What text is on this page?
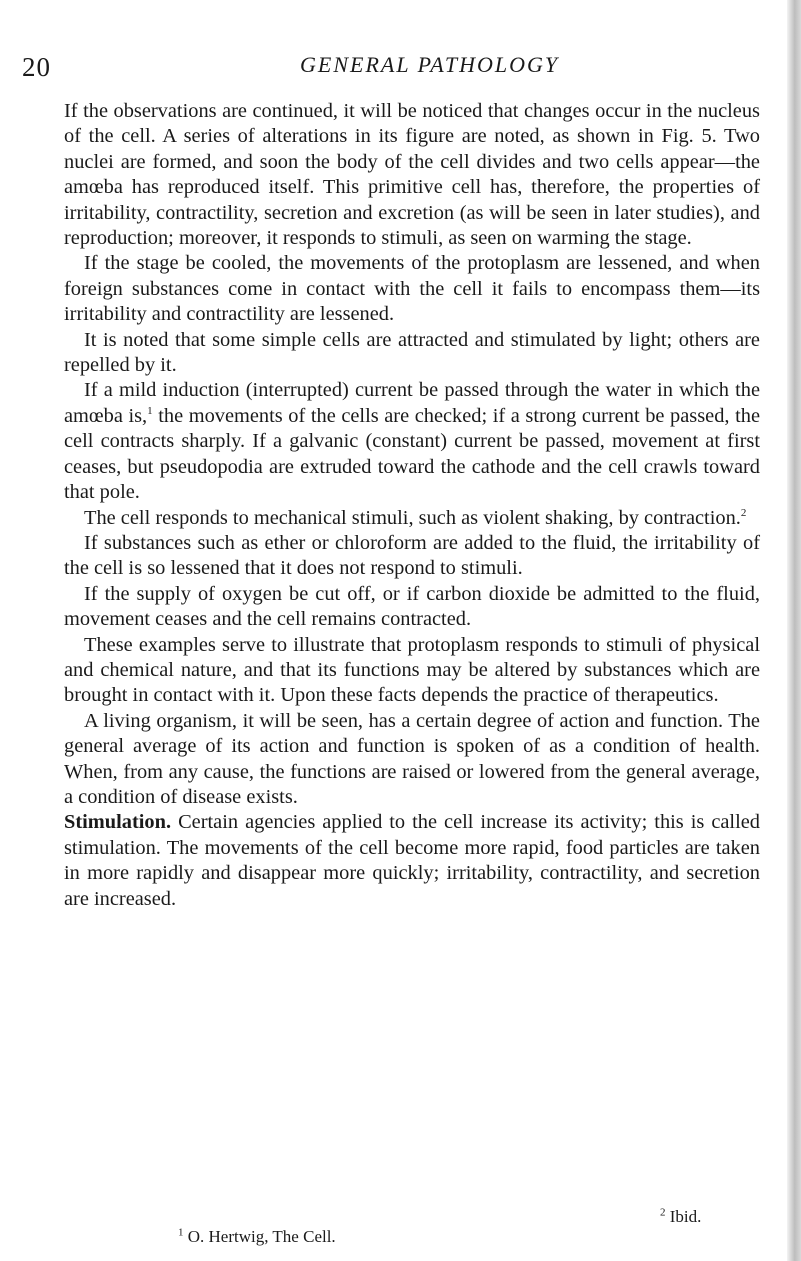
20	GENERAL PATHOLOGY

If the observations are continued, it will be noticed that changes occur in the nucleus of the cell. A series of alterations in its figure are noted, as shown in Fig. 5. Two nuclei are formed, and soon the body of the cell divides and two cells appear—the amœba has reproduced itself. This primitive cell has, therefore, the properties of irritability, contractility, secretion and excretion (as will be seen in later studies), and reproduction; moreover, it responds to stimuli, as seen on warming the stage.

If the stage be cooled, the movements of the protoplasm are lessened, and when foreign substances come in contact with the cell it fails to encompass them—its irritability and contractility are lessened.

It is noted that some simple cells are attracted and stimulated by light; others are repelled by it.

If a mild induction (interrupted) current be passed through the water in which the amœba is,$^1$ the movements of the cells are checked; if a strong current be passed, the cell contracts sharply. If a galvanic (constant) current be passed, movement at first ceases, but pseudopodia are extruded toward the cathode and the cell crawls toward that pole.

The cell responds to mechanical stimuli, such as violent shaking, by contraction.$^2$

If substances such as ether or chloroform are added to the fluid, the irritability of the cell is so lessened that it does not respond to stimuli.

If the supply of oxygen be cut off, or if carbon dioxide be admitted to the fluid, movement ceases and the cell remains contracted.

These examples serve to illustrate that protoplasm responds to stimuli of physical and chemical nature, and that its functions may be altered by substances which are brought in contact with it. Upon these facts depends the practice of therapeutics.

A living organism, it will be seen, has a certain degree of action and function. The general average of its action and function is spoken of as a condition of health. When, from any cause, the functions are raised or lowered from the general average, a condition of disease exists.

Stimulation. Certain agencies applied to the cell increase its activity; this is called stimulation. The movements of the cell become more rapid, food particles are taken in more rapidly and disappear more quickly; irritability, contractility, and secretion are increased.

$^2$ Ibid.
$^1$ O. Hertwig, The Cell.
